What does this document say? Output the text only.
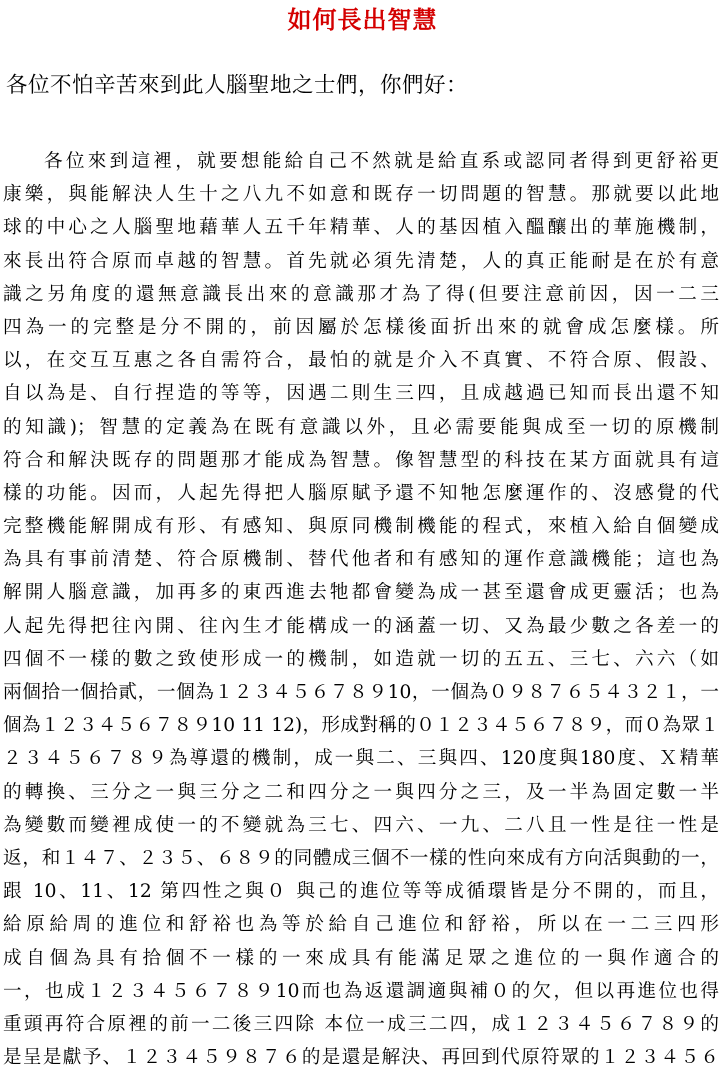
如何長出智慧
各位不怕辛苦來到此人腦聖地之士們，你們好：
各位來到這裡，就要想能給自己不然就是給直系或認同者得到更舒裕更
康樂，與能解決人生十之八九不如意和既存一切問題的智慧。那就要以此地
球的中心之人腦聖地藉華人五千年精華、人的基因植入醞釀出的華施機制，
來長出符合原而卓越的智慧。首先就必須先清楚，人的真正能耐是在於有意
識之另角度的還無意識長出來的意識那才為了得(但要注意前因，因一二三
四為一的完整是分不開的，前因屬於怎樣後面折出來的就會成怎麼樣。所
以，在交互互惠之各自需符合，最怕的就是介入不真實、不符合原、假設、
自以為是、自行捏造的等等，因遇二則生三四，且成越過已知而長出還不知
的知識)；智慧的定義為在既有意識以外，且必需要能與成至一切的原機制
符合和解決既存的問題那才能成為智慧。像智慧型的科技在某方面就具有這
樣的功能。因而，人起先得把人腦原賦予還不知牠怎麼運作的、沒感覺的代
完整機能解開成有形、有感知、與原同機制機能的程式，來植入給自個變成
為具有事前清楚、符合原機制、替代他者和有感知的運作意識機能；這也為
解開人腦意識，加再多的東西進去牠都會變為成一甚至還會成更靈活；也為
人起先得把往內開、往內生才能構成一的涵蓋一切、又為最少數之各差一的
四個不一樣的數之致使形成一的機制，如造就一切的五五、三七、六六（如
兩個拾一個拾貳，一個為１２３４５６７８９10，一個為０９８７６５４３２１，一
個為１２３４５６７８９10 11 12)，形成對稱的０１２３４５６７８９，而０為眾１
２３４５６７８９為導還的機制，成一與二、三與四、120度與180度、Ｘ精華
的轉換、三分之一與三分之二和四分之一與四分之三，及一半為固定數一半
為變數而變裡成使一的不變就為三七、四六、一九、二八且一性是往一性是
返，和１４７、２３５、６８９的同體成三個不一樣的性向來成有方向活與動的一，
跟 10、11、12 第四性之與０ 與己的進位等等成循環皆是分不開的，而且，
給原給周的進位和舒裕也為等於給自己進位和舒裕，所以在一二三四形
成自個為具有拾個不一樣的一來成具有能滿足眾之進位的一與作適合的
一，也成１２３４５６７８９10而也為返還調適與補０的欠，但以再進位也得
重頭再符合原裡的前一二後三四除 本位一成三二四，成１２３４５６７８９的
是呈是獻予、１２３４５９８７６的是還是解決、再回到代原符眾的１２３４５６
